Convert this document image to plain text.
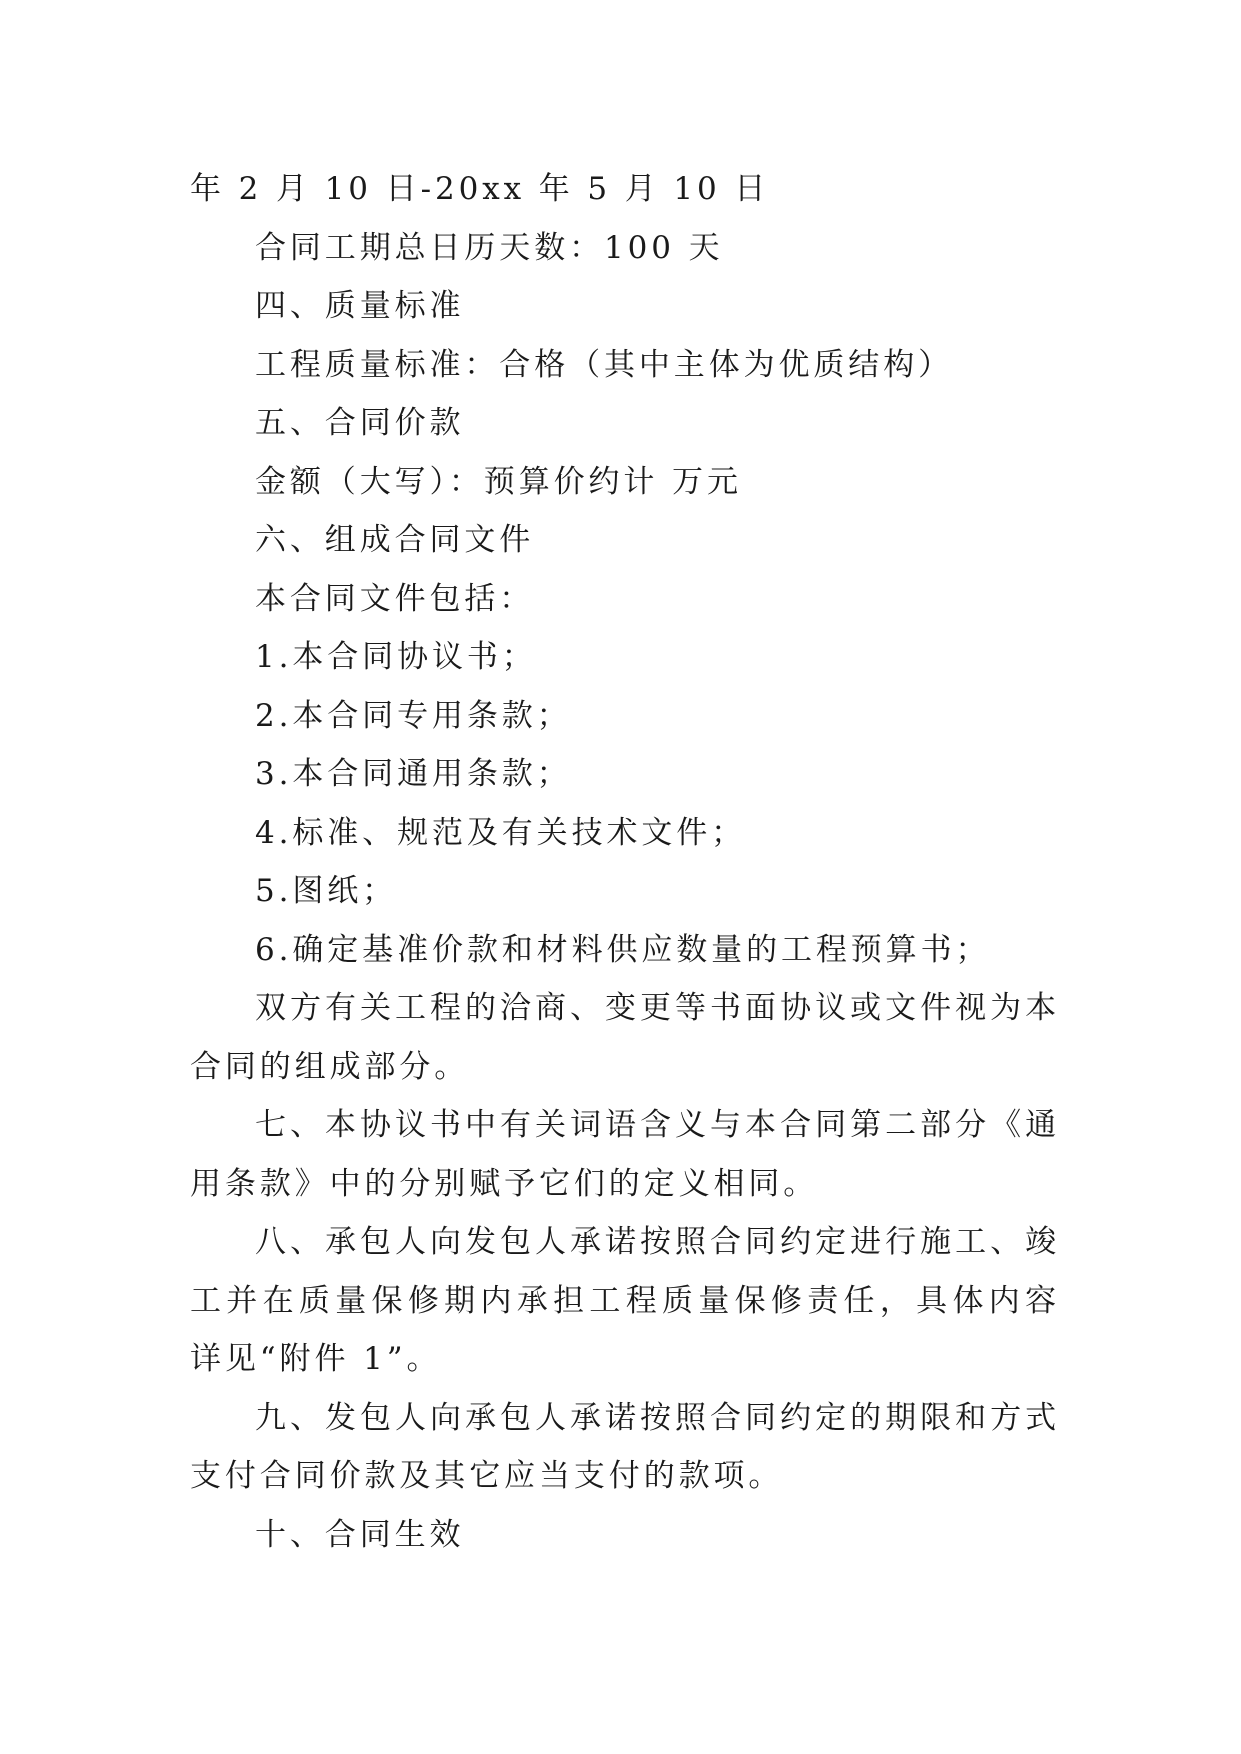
年 2 月 10 日-20xx 年 5 月 10 日

合同工期总日历天数：100 天

四、质量标准

工程质量标准：合格（其中主体为优质结构）

五、合同价款

金额（大写）：预算价约计 万元

六、组成合同文件

本合同文件包括：

1.本合同协议书；

2.本合同专用条款；

3.本合同通用条款；

4.标准、规范及有关技术文件；

5.图纸；

6.确定基准价款和材料供应数量的工程预算书；

双方有关工程的洽商、变更等书面协议或文件视为本合同的组成部分。

七、本协议书中有关词语含义与本合同第二部分《通用条款》中的分别赋予它们的定义相同。

八、承包人向发包人承诺按照合同约定进行施工、竣工并在质量保修期内承担工程质量保修责任，具体内容详见“附件 1”。

九、发包人向承包人承诺按照合同约定的期限和方式支付合同价款及其它应当支付的款项。

十、合同生效
